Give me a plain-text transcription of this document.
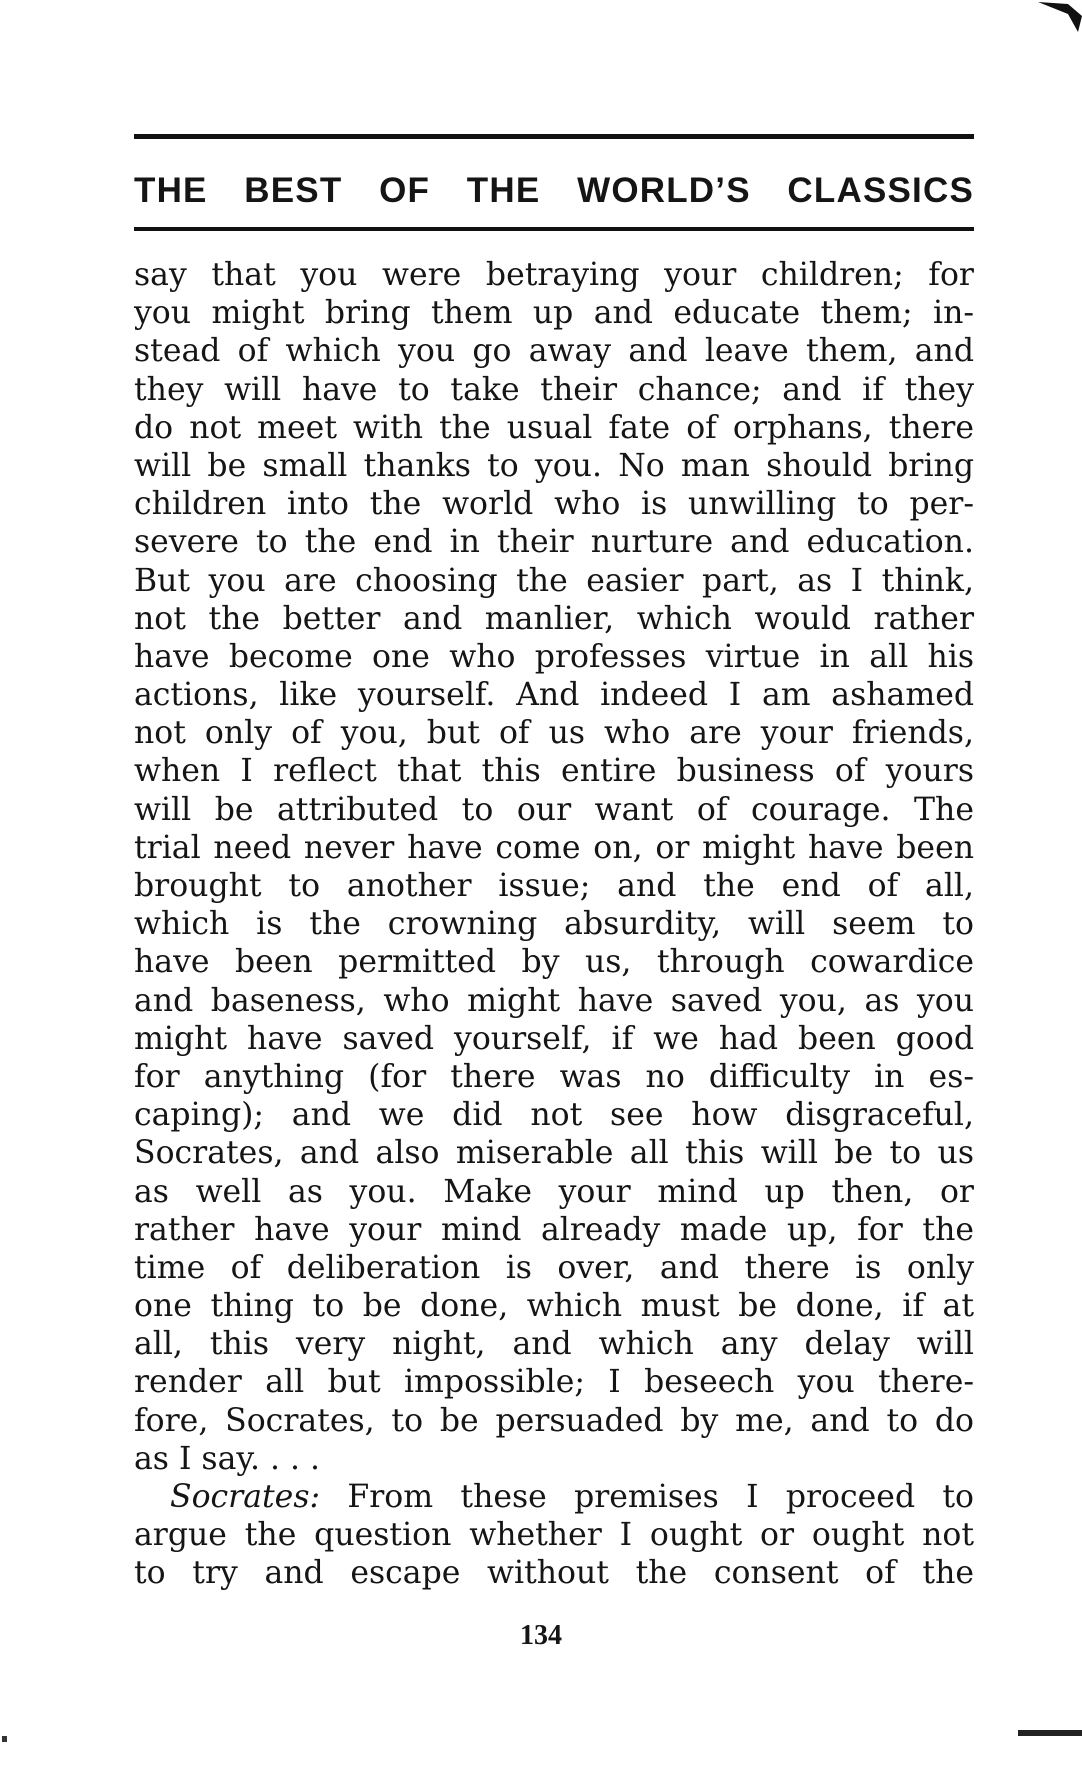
THE BEST OF THE WORLD’S CLASSICS

say that you were betraying your children; for
you might bring them up and educate them; in-
stead of which you go away and leave them, and
they will have to take their chance; and if they
do not meet with the usual fate of orphans, there
will be small thanks to you. No man should bring
children into the world who is unwilling to per-
severe to the end in their nurture and education.
But you are choosing the easier part, as I think,
not the better and manlier, which would rather
have become one who professes virtue in all his
actions, like yourself. And indeed I am ashamed
not only of you, but of us who are your friends,
when I reflect that this entire business of yours
will be attributed to our want of courage. The
trial need never have come on, or might have been
brought to another issue; and the end of all,
which is the crowning absurdity, will seem to
have been permitted by us, through cowardice
and baseness, who might have saved you, as you
might have saved yourself, if we had been good
for anything (for there was no difficulty in es-
caping); and we did not see how disgraceful,
Socrates, and also miserable all this will be to us
as well as you. Make your mind up then, or
rather have your mind already made up, for the
time of deliberation is over, and there is only
one thing to be done, which must be done, if at
all, this very night, and which any delay will
render all but impossible; I beseech you there-
fore, Socrates, to be persuaded by me, and to do
as I say. . . .
Socrates: From these premises I proceed to
argue the question whether I ought or ought not
to try and escape without the consent of the
134
